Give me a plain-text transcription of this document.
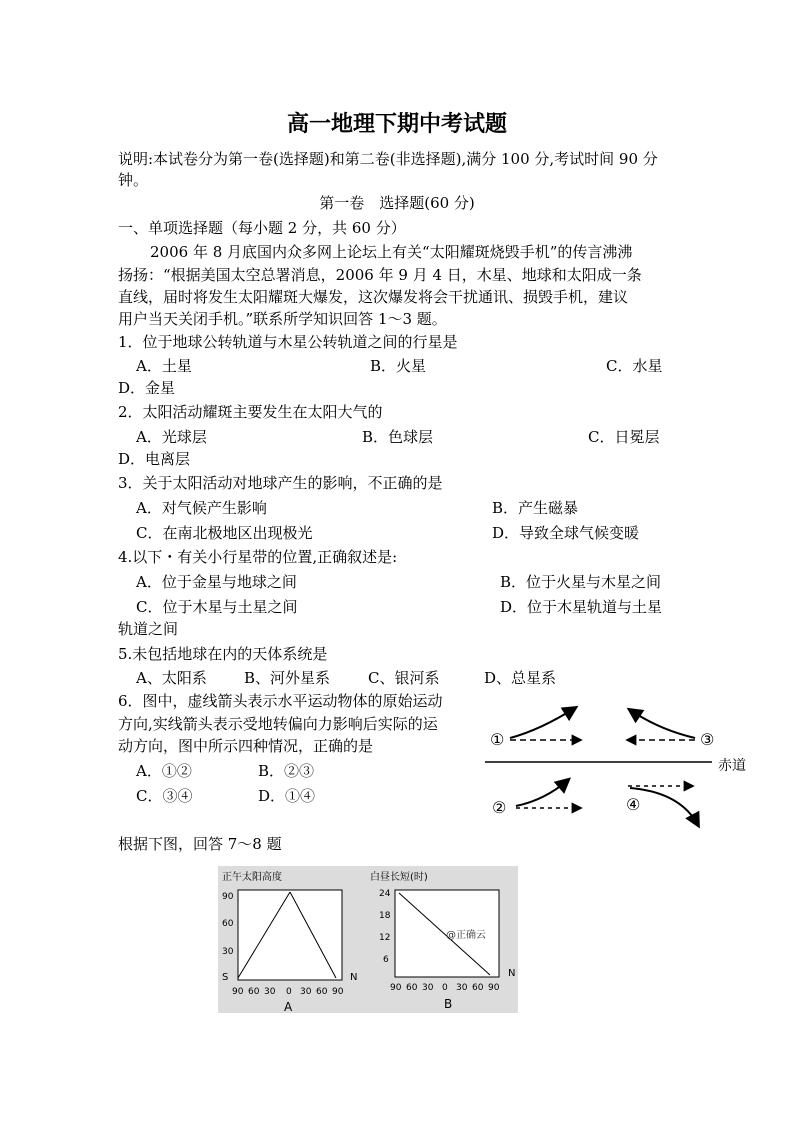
高一地理下期中考试题
说明:本试卷分为第一卷(选择题)和第二卷(非选择题),满分 100 分,考试时间 90 分
钟。
第一卷　选择题(60 分)
一、单项选择题（每小题 2 分，共 60 分）
2006 年 8 月底国内众多网上论坛上有关“太阳耀斑烧毁手机”的传言沸沸
扬扬：“根据美国太空总署消息，2006 年 9 月 4 日，木星、地球和太阳成一条
直线，届时将发生太阳耀斑大爆发，这次爆发将会干扰通讯、损毁手机，建议
用户当天关闭手机。”联系所学知识回答 1～3 题。
1．位于地球公转轨道与木星公转轨道之间的行星是
A．土星	B．火星	C．水星
D．金星
2．太阳活动耀斑主要发生在太阳大气的
A．光球层	B．色球层	C．日冕层
D．电离层
3．关于太阳活动对地球产生的影响，不正确的是
A．对气候产生影响	B．产生磁暴
C．在南北极地区出现极光	D．导致全球气候变暖
4.以下・有关小行星带的位置,正确叙述是:
A．位于金星与地球之间	B．位于火星与木星之间
C．位于木星与土星之间	D．位于木星轨道与土星
轨道之间
5.未包括地球在内的天体系统是
A、太阳系 B、河外星系	C、银河系	D、总星系
6．图中，虚线箭头表示水平运动物体的原始运动
方向,实线箭头表示受地转偏向力影响后实际的运
动方向，图中所示四种情况，正确的是
A．①②	B．②③
C．③④	D．①④
赤道
①	③
②	④
根据下图，回答 7～8 题
正午太阳高度
90
60
30
S	N
90 60 30 0 30 60 90
A
白昼长短(时)
@正确云
24
18
12
6
N
90 60 30 0 30 60 90
B
